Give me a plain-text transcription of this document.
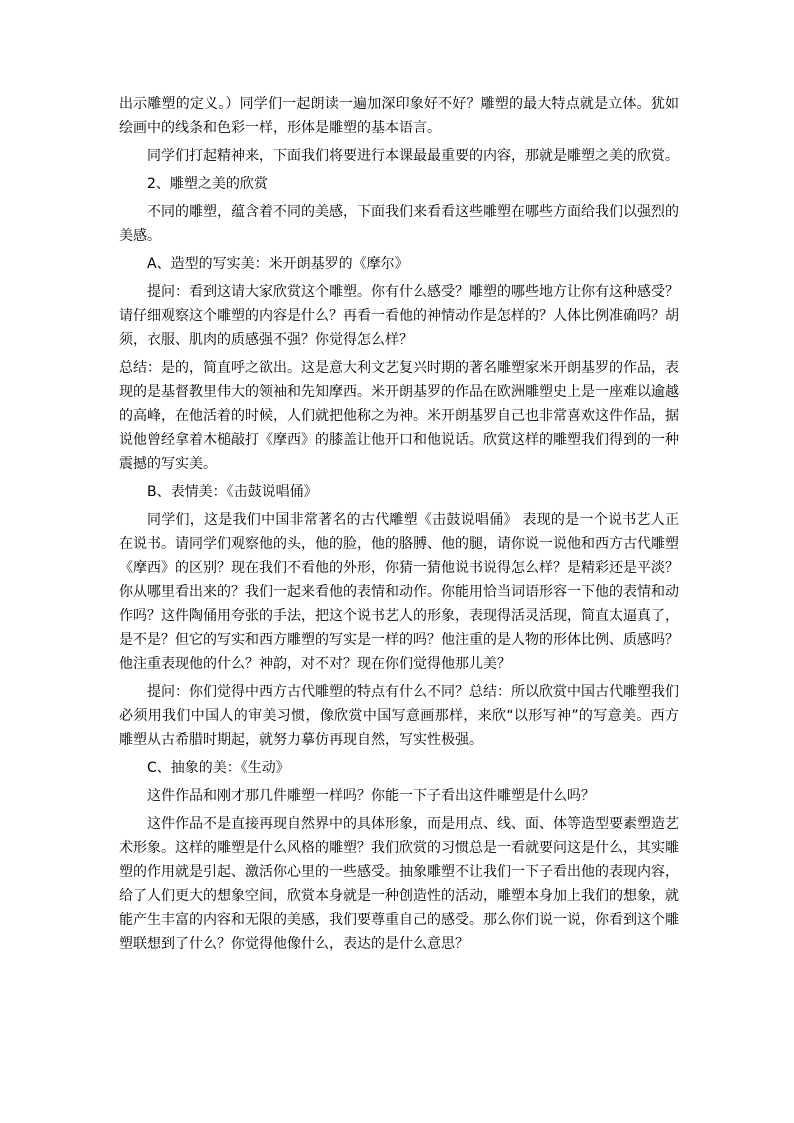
出示雕塑的定义。）同学们一起朗读一遍加深印象好不好？雕塑的最大特点就是立体。犹如绘画中的线条和色彩一样，形体是雕塑的基本语言。

同学们打起精神来，下面我们将要进行本课最最重要的内容，那就是雕塑之美的欣赏。

2、雕塑之美的欣赏

不同的雕塑，蕴含着不同的美感，下面我们来看看这些雕塑在哪些方面给我们以强烈的美感。

A、造型的写实美：米开朗基罗的《摩尔》

提问：看到这请大家欣赏这个雕塑。你有什么感受？雕塑的哪些地方让你有这种感受？请仔细观察这个雕塑的内容是什么？再看一看他的神情动作是怎样的？人体比例准确吗？胡须，衣服、肌肉的质感强不强？你觉得怎么样？

总结：是的，简直呼之欲出。这是意大利文艺复兴时期的著名雕塑家米开朗基罗的作品，表现的是基督教里伟大的领袖和先知摩西。米开朗基罗的作品在欧洲雕塑史上是一座难以逾越的高峰，在他活着的时候，人们就把他称之为神。米开朗基罗自己也非常喜欢这件作品，据说他曾经拿着木槌敲打《摩西》的膝盖让他开口和他说话。欣赏这样的雕塑我们得到的一种震撼的写实美。

B、表情美：《击鼓说唱俑》

同学们，这是我们中国非常著名的古代雕塑《击鼓说唱俑》 表现的是一个说书艺人正在说书。请同学们观察他的头，他的脸，他的胳膊、他的腿，请你说一说他和西方古代雕塑《摩西》的区别？现在我们不看他的外形，你猜一猜他说书说得怎么样？是精彩还是平淡？你从哪里看出来的？我们一起来看他的表情和动作。你能用恰当词语形容一下他的表情和动作吗？这件陶俑用夸张的手法，把这个说书艺人的形象，表现得活灵活现，简直太逼真了，是不是？但它的写实和西方雕塑的写实是一样的吗？他注重的是人物的形体比例、质感吗？他注重表现他的什么？神韵，对不对？现在你们觉得他那儿美？

提问：你们觉得中西方古代雕塑的特点有什么不同？总结：所以欣赏中国古代雕塑我们必须用我们中国人的审美习惯，像欣赏中国写意画那样，来欣“以形写神”的写意美。西方雕塑从古希腊时期起，就努力摹仿再现自然，写实性极强。

C、抽象的美：《生动》

这件作品和刚才那几件雕塑一样吗？你能一下子看出这件雕塑是什么吗？

这件作品不是直接再现自然界中的具体形象，而是用点、线、面、体等造型要素塑造艺术形象。这样的雕塑是什么风格的雕塑？我们欣赏的习惯总是一看就要问这是什么，其实雕塑的作用就是引起、激活你心里的一些感受。抽象雕塑不让我们一下子看出他的表现内容，给了人们更大的想象空间，欣赏本身就是一种创造性的活动，雕塑本身加上我们的想象，就能产生丰富的内容和无限的美感，我们要尊重自己的感受。那么你们说一说，你看到这个雕塑联想到了什么？你觉得他像什么，表达的是什么意思？
